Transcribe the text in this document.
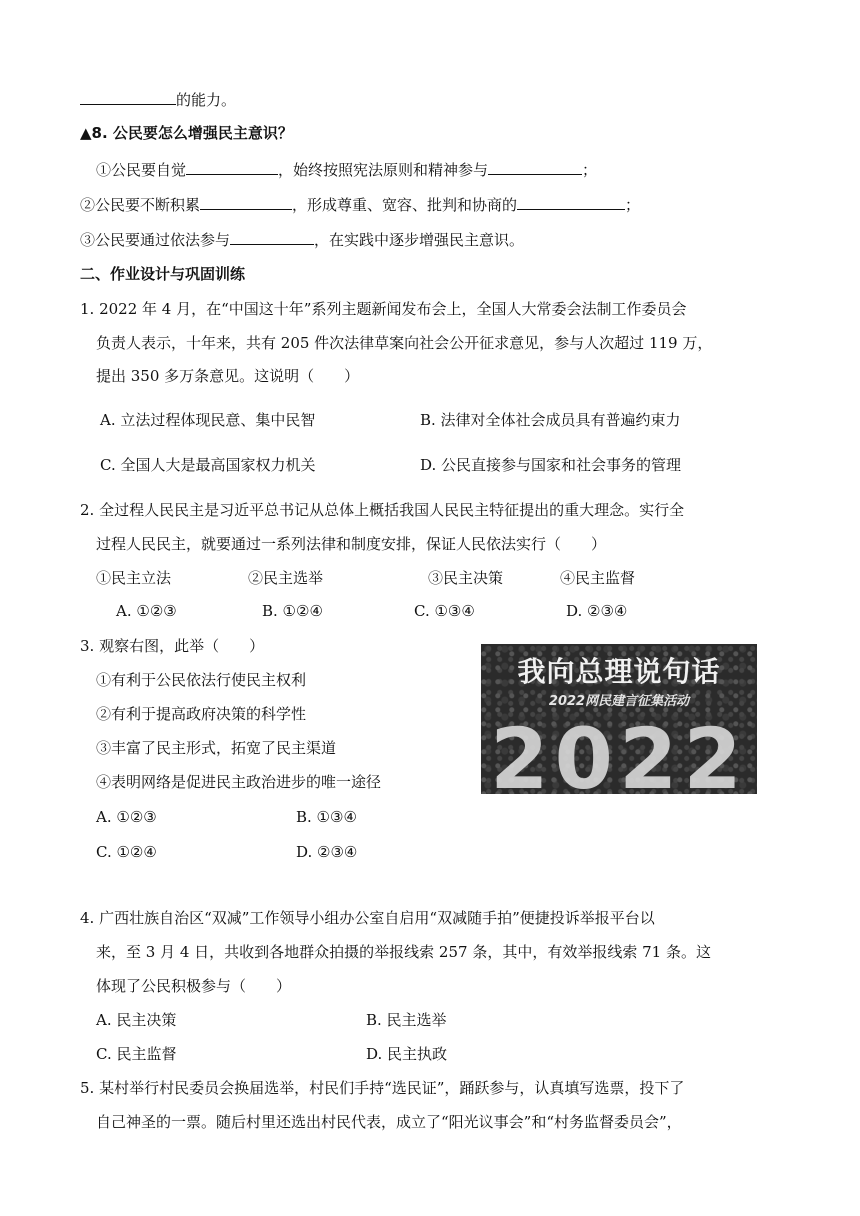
的能力。
▲8. 公民要怎么增强民主意识？
①公民要自觉	，始终按照宪法原则和精神参与	；
②公民要不断积累	，形成尊重、宽容、批判和协商的	；
③公民要通过依法参与	，在实践中逐步增强民主意识。
二、作业设计与巩固训练
1. 2022 年 4 月，在“中国这十年”系列主题新闻发布会上，全国人大常委会法制工作委员会
负责人表示，十年来，共有 205 件次法律草案向社会公开征求意见，参与人次超过 119 万，
提出 350 多万条意见。这说明（　　）
A. 立法过程体现民意、集中民智	B. 法律对全体社会成员具有普遍约束力
C. 全国人大是最高国家权力机关	D. 公民直接参与国家和社会事务的管理
2. 全过程人民民主是习近平总书记从总体上概括我国人民民主特征提出的重大理念。实行全
过程人民民主，就要通过一系列法律和制度安排，保证人民依法实行（　　）
①民主立法	②民主选举	③民主决策	④民主监督
A. ①②③	B. ①②④	C. ①③④	D. ②③④
3. 观察右图，此举（　　）
①有利于公民依法行使民主权利
②有利于提高政府决策的科学性
③丰富了民主形式，拓宽了民主渠道
④表明网络是促进民主政治进步的唯一途径
A. ①②③	B. ①③④
C. ①②④	D. ②③④
我向总理说句话
2022网民建言征集活动
2022
4. 广西壮族自治区“双减”工作领导小组办公室自启用“双减随手拍”便捷投诉举报平台以
来，至 3 月 4 日，共收到各地群众拍摄的举报线索 257 条，其中，有效举报线索 71 条。这
体现了公民积极参与（　　）
A. 民主决策	B. 民主选举
C. 民主监督	D. 民主执政
5. 某村举行村民委员会换届选举，村民们手持“选民证”，踊跃参与，认真填写选票，投下了
自己神圣的一票。随后村里还选出村民代表，成立了“阳光议事会”和“村务监督委员会”，
